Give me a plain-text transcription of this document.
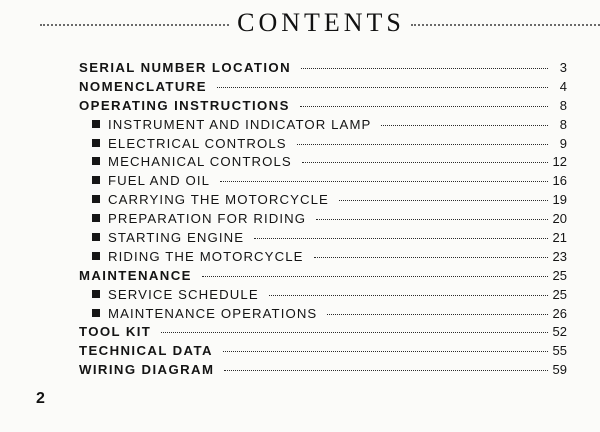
CONTENTS
SERIAL NUMBER LOCATION	3
NOMENCLATURE	4
OPERATING INSTRUCTIONS	8
INSTRUMENT AND INDICATOR LAMP	8
ELECTRICAL CONTROLS	9
MECHANICAL CONTROLS	12
FUEL AND OIL	16
CARRYING THE MOTORCYCLE	19
PREPARATION FOR RIDING	20
STARTING ENGINE	21
RIDING THE MOTORCYCLE	23
MAINTENANCE	25
SERVICE SCHEDULE	25
MAINTENANCE OPERATIONS	26
TOOL KIT	52
TECHNICAL DATA	55
WIRING DIAGRAM	59
2
